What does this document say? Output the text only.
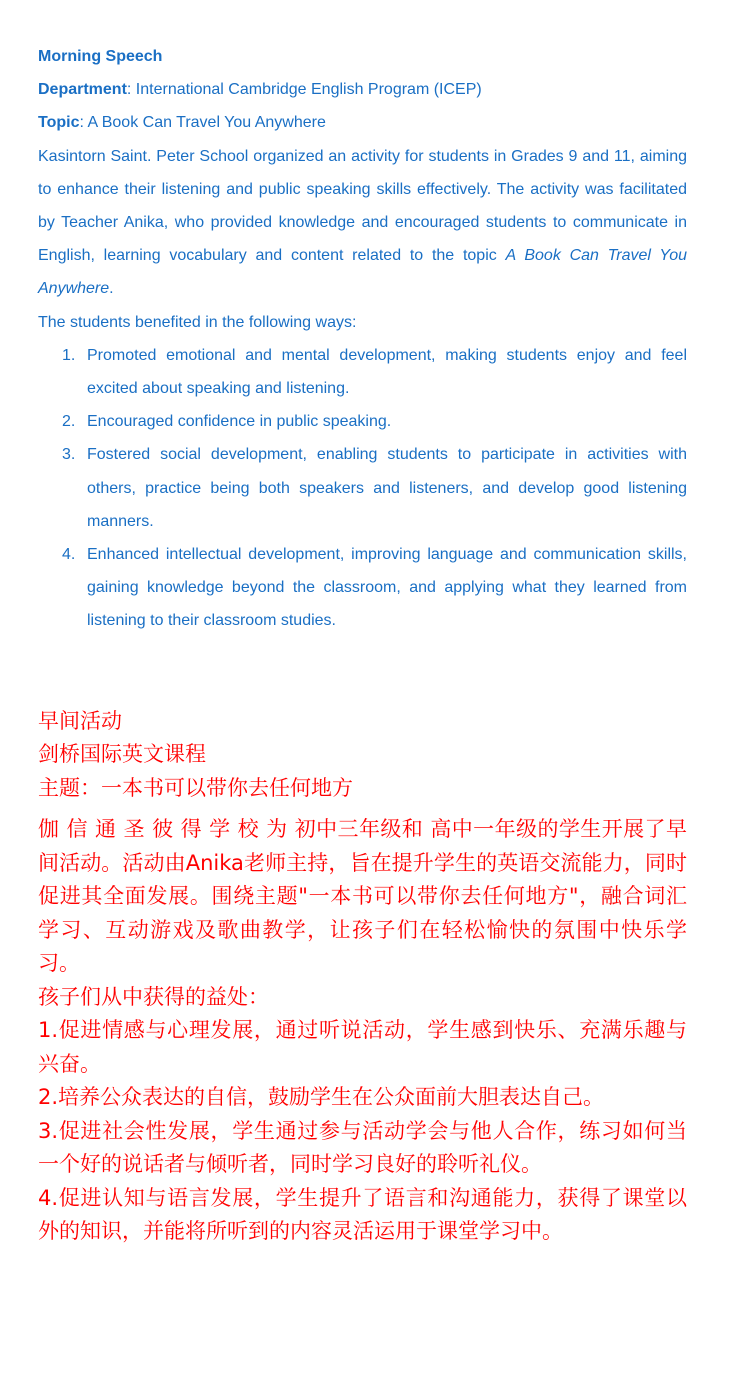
Morning Speech

Department: International Cambridge English Program (ICEP)

Topic: A Book Can Travel You Anywhere

Kasintorn Saint. Peter School organized an activity for students in Grades 9 and 11, aiming to enhance their listening and public speaking skills effectively. The activity was facilitated by Teacher Anika, who provided knowledge and encouraged students to communicate in English, learning vocabulary and content related to the topic A Book Can Travel You Anywhere.

The students benefited in the following ways:

1. Promoted emotional and mental development, making students enjoy and feel excited about speaking and listening.
2. Encouraged confidence in public speaking.
3. Fostered social development, enabling students to participate in activities with others, practice being both speakers and listeners, and develop good listening manners.
4. Enhanced intellectual development, improving language and communication skills, gaining knowledge beyond the classroom, and applying what they learned from listening to their classroom studies.

早间活动

剑桥国际英文课程

主题：一本书可以带你去任何地方

伽 信 通 圣 彼 得 学 校 为 初中三年级和 高中一年级的学生开展了早间活动。活动由Anika老师主持，旨在提升学生的英语交流能力，同时促进其全面发展。围绕主题"一本书可以带你去任何地方"，融合词汇学习、互动游戏及歌曲教学，让孩子们在轻松愉快的氛围中快乐学习。

孩子们从中获得的益处：

1.促进情感与心理发展，通过听说活动，学生感到快乐、充满乐趣与兴奋。

2.培养公众表达的自信，鼓励学生在公众面前大胆表达自己。

3.促进社会性发展，学生通过参与活动学会与他人合作，练习如何当一个好的说话者与倾听者，同时学习良好的聆听礼仪。

4.促进认知与语言发展，学生提升了语言和沟通能力，获得了课堂以外的知识，并能将所听到的内容灵活运用于课堂学习中。
